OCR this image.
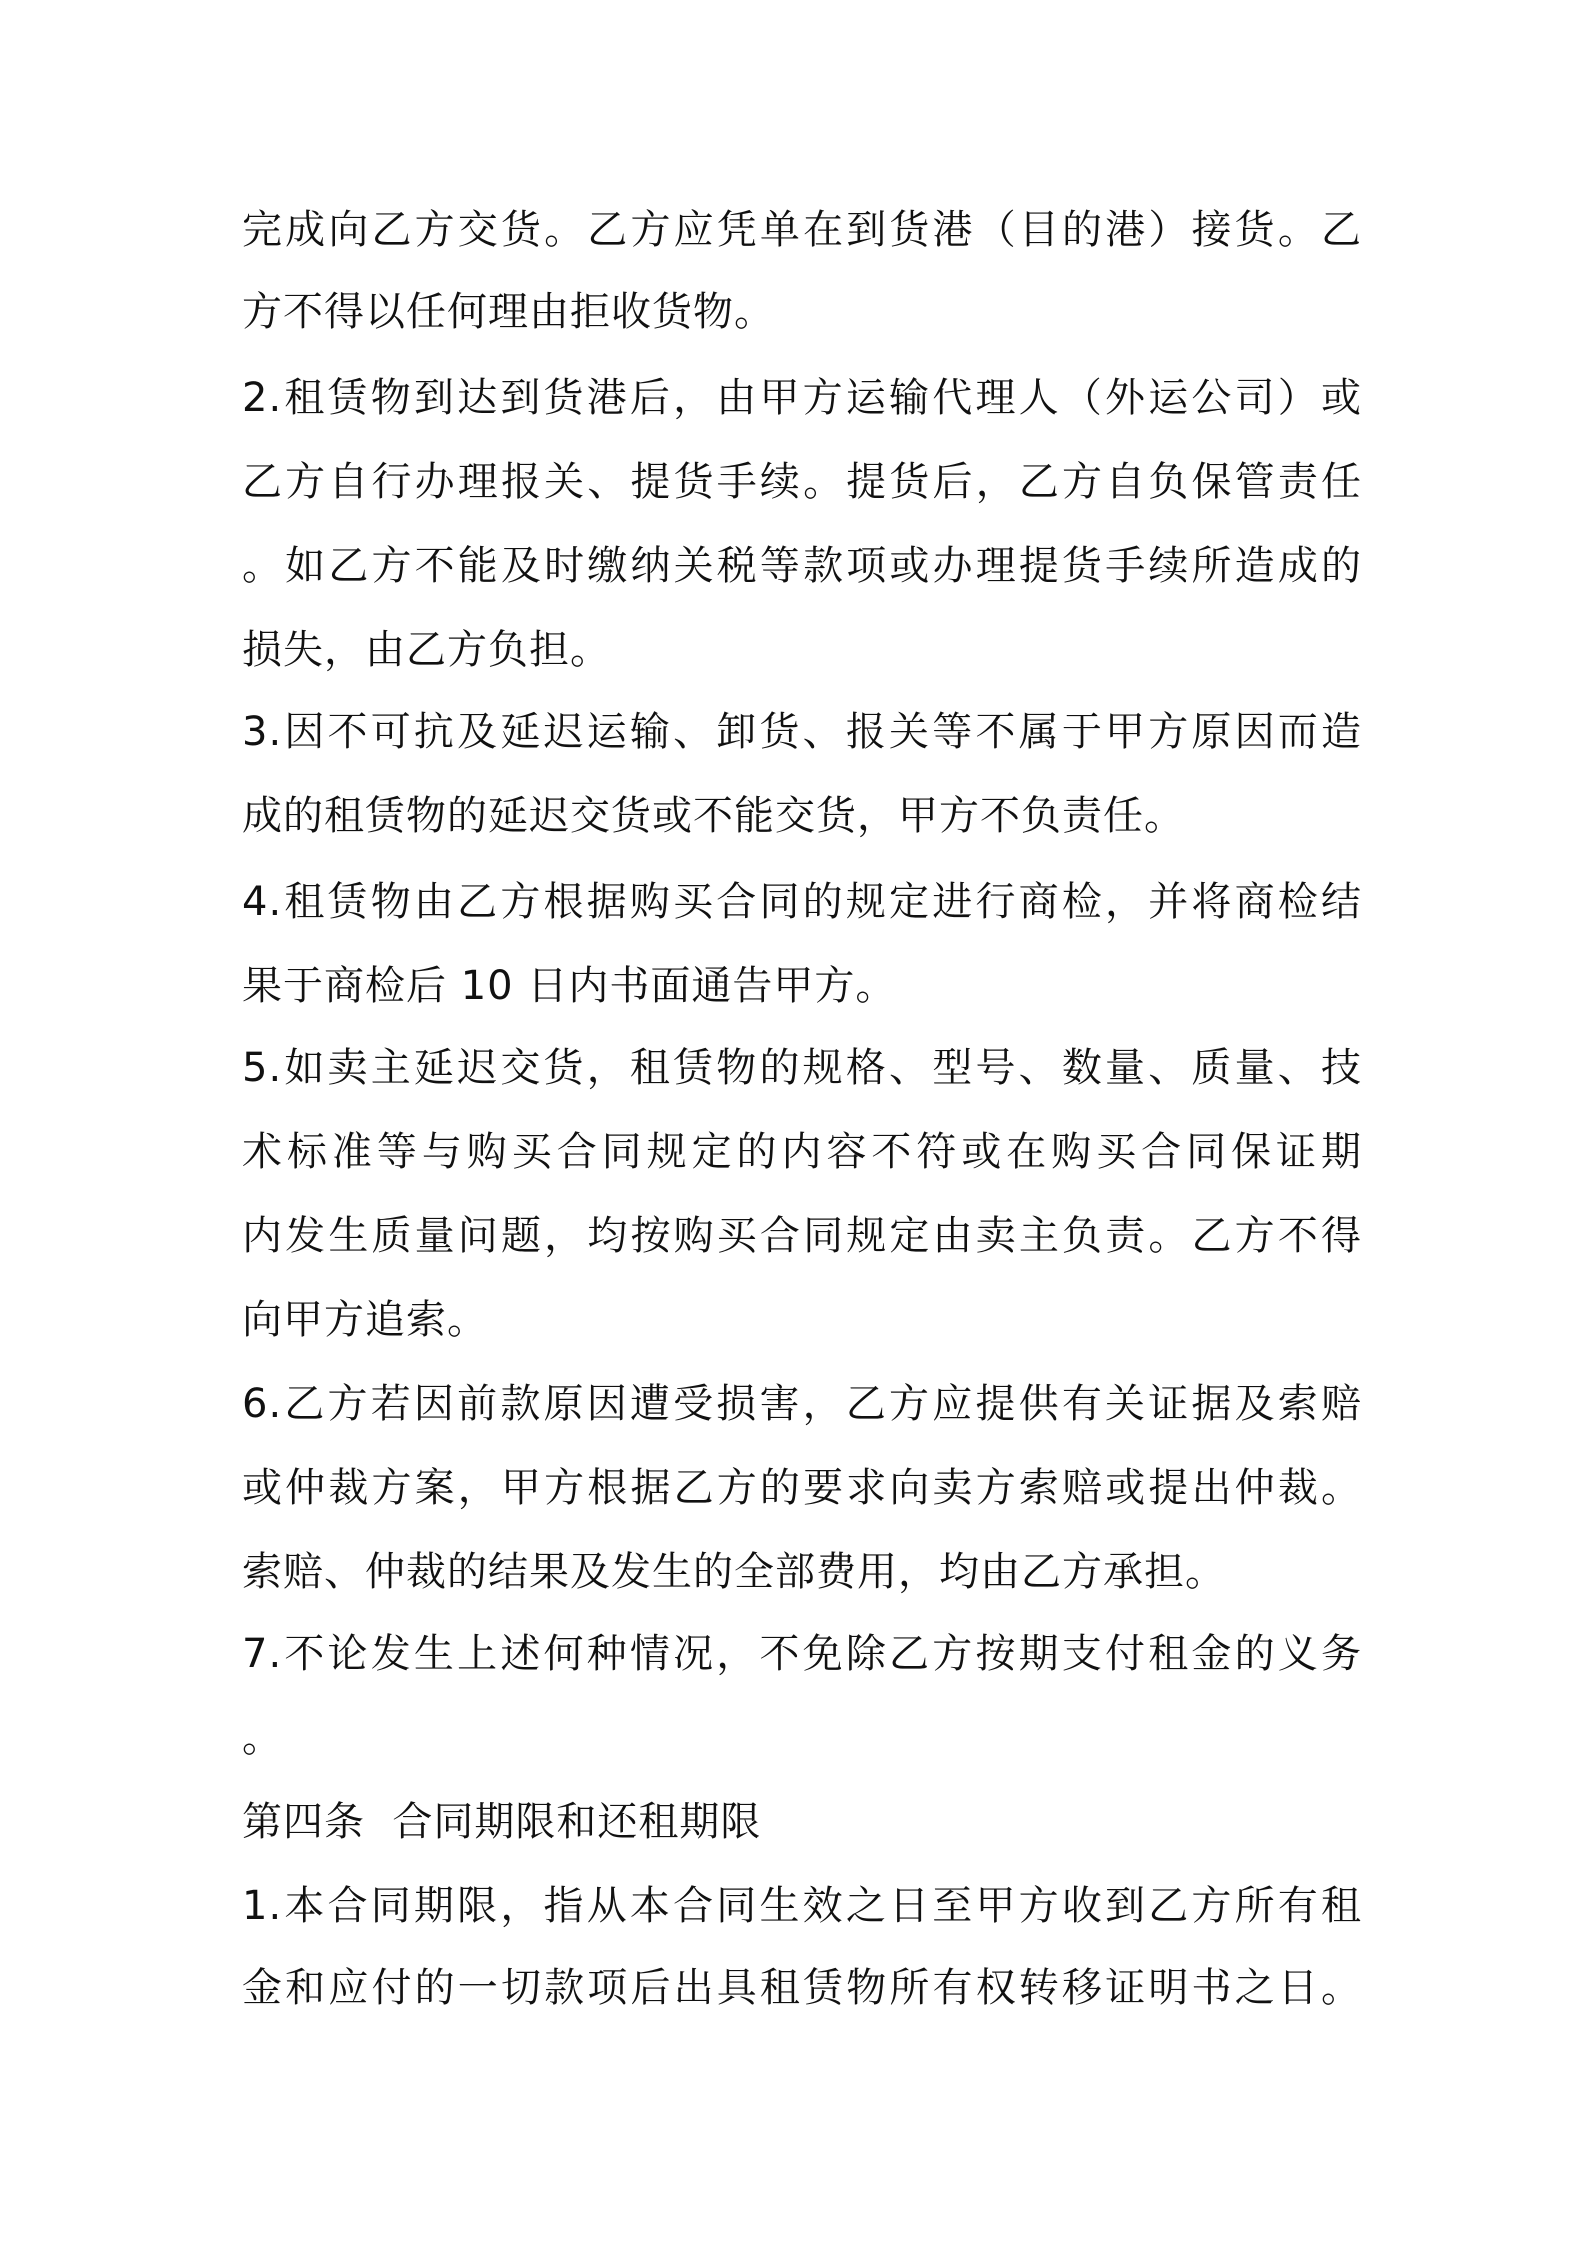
完成向乙方交货。乙方应凭单在到货港（目的港）接货。乙
方不得以任何理由拒收货物。
2.租赁物到达到货港后，由甲方运输代理人（外运公司）或
乙方自行办理报关、提货手续。提货后，乙方自负保管责任
。如乙方不能及时缴纳关税等款项或办理提货手续所造成的
损失，由乙方负担。
3.因不可抗及延迟运输、卸货、报关等不属于甲方原因而造
成的租赁物的延迟交货或不能交货，甲方不负责任。
4.租赁物由乙方根据购买合同的规定进行商检，并将商检结
果于商检后 10 日内书面通告甲方。
5.如卖主延迟交货，租赁物的规格、型号、数量、质量、技
术标准等与购买合同规定的内容不符或在购买合同保证期
内发生质量问题，均按购买合同规定由卖主负责。乙方不得
向甲方追索。
6.乙方若因前款原因遭受损害，乙方应提供有关证据及索赔
或仲裁方案，甲方根据乙方的要求向卖方索赔或提出仲裁。
索赔、仲裁的结果及发生的全部费用，均由乙方承担。
7.不论发生上述何种情况，不免除乙方按期支付租金的义务
。
第四条  合同期限和还租期限
1.本合同期限，指从本合同生效之日至甲方收到乙方所有租
金和应付的一切款项后出具租赁物所有权转移证明书之日。
